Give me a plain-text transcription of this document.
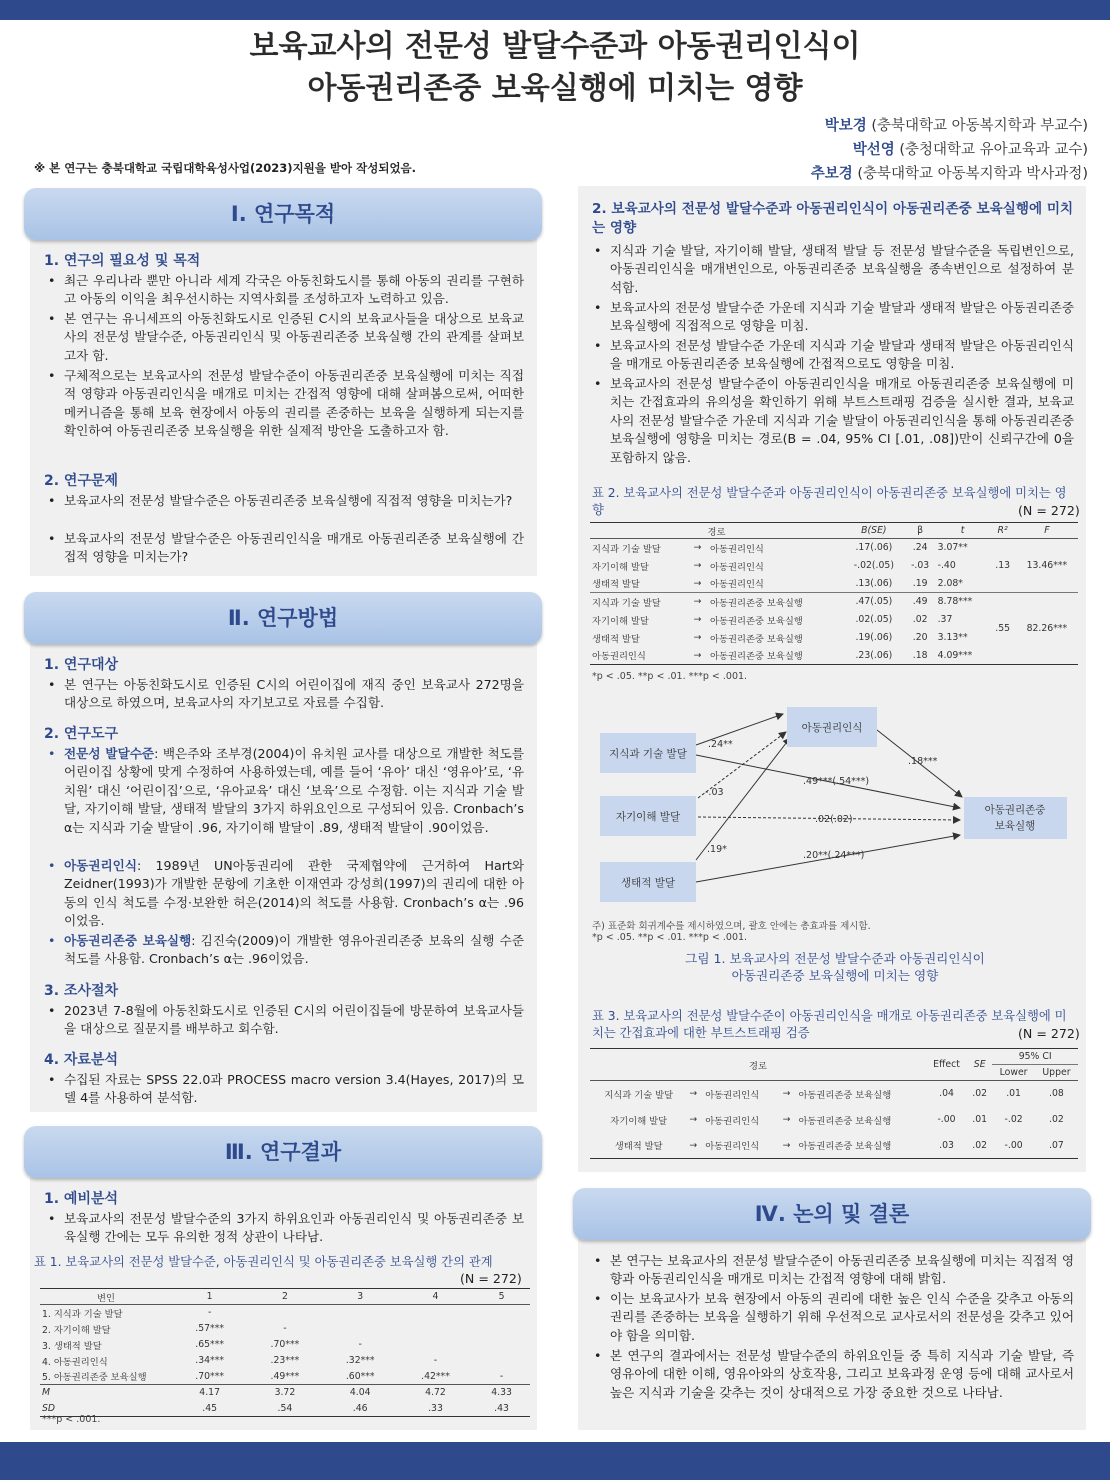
보육교사의 전문성 발달수준과 아동권리인식이
아동권리존중 보육실행에 미치는 영향
박보경 (충북대학교 아동복지학과 부교수)
박선영 (충청대학교 유아교육과 교수)
추보경 (충북대학교 아동복지학과 박사과정)
※ 본 연구는 충북대학교 국립대학육성사업(2023)지원을 받아 작성되었음.
Ⅰ. 연구목적
1. 연구의 필요성 및 목적
• 최근 우리나라 뿐만 아니라 세계 각국은 아동친화도시를 통해 아동의 권리를 구현하고 아동의 이익을 최우선시하는 지역사회를 조성하고자 노력하고 있음.
• 본 연구는 유니세프의 아동친화도시로 인증된 C시의 보육교사들을 대상으로 보육교사의 전문성 발달수준, 아동권리인식 및 아동권리존중 보육실행 간의 관계를 살펴보고자 함.
• 구체적으로는 보육교사의 전문성 발달수준이 아동권리존중 보육실행에 미치는 직접적 영향과 아동권리인식을 매개로 미치는 간접적 영향에 대해 살펴봄으로써, 어떠한 메커니즘을 통해 보육 현장에서 아동의 권리를 존중하는 보육을 실행하게 되는지를 확인하여 아동권리존중 보육실행을 위한 실제적 방안을 도출하고자 함.
2. 연구문제
• 보육교사의 전문성 발달수준은 아동권리존중 보육실행에 직접적 영향을 미치는가?
• 보육교사의 전문성 발달수준은 아동권리인식을 매개로 아동권리존중 보육실행에 간접적 영향을 미치는가?
Ⅱ. 연구방법
1. 연구대상
• 본 연구는 아동친화도시로 인증된 C시의 어린이집에 재직 중인 보육교사 272명을 대상으로 하였으며, 보육교사의 자기보고로 자료를 수집함.
2. 연구도구
• 전문성 발달수준: 백은주와 조부경(2004)이 유치원 교사를 대상으로 개발한 척도를 어린이집 상황에 맞게 수정하여 사용하였는데, 예를 들어 ‘유아’ 대신 ‘영유아’로, ‘유치원’ 대신 ‘어린이집’으로, ‘유아교육’ 대신 ‘보육’으로 수정함. 이는 지식과 기술 발달, 자기이해 발달, 생태적 발달의 3가지 하위요인으로 구성되어 있음. Cronbach’s α는 지식과 기술 발달이 .96, 자기이해 발달이 .89, 생태적 발달이 .90이었음.
• 아동권리인식: 1989년 UN아동권리에 관한 국제협약에 근거하여 Hart와 Zeidner(1993)가 개발한 문항에 기초한 이재연과 강성희(1997)의 권리에 대한 아동의 인식 척도를 수정·보완한 허은(2014)의 척도를 사용함. Cronbach’s α는 .96이었음.
• 아동권리존중 보육실행: 김진숙(2009)이 개발한 영유아권리존중 보육의 실행 수준 척도를 사용함. Cronbach’s α는 .96이었음.
3. 조사절차
• 2023년 7-8월에 아동친화도시로 인증된 C시의 어린이집들에 방문하여 보육교사들을 대상으로 질문지를 배부하고 회수함.
4. 자료분석
• 수집된 자료는 SPSS 22.0과 PROCESS macro version 3.4(Hayes, 2017)의 모델 4를 사용하여 분석함.
Ⅲ. 연구결과
1. 예비분석
• 보육교사의 전문성 발달수준의 3가지 하위요인과 아동권리인식 및 아동권리존중 보육실행 간에는 모두 유의한 정적 상관이 나타남.
표 1. 보육교사의 전문성 발달수준, 아동권리인식 및 아동권리존중 보육실행 간의 관계
(N = 272)
변인	1	2	3	4	5
1. 지식과 기술 발달	-				
2. 자기이해 발달	.57***	-			
3. 생태적 발달	.65***	.70***	-		
4. 아동권리인식	.34***	.23***	.32***	-	
5. 아동권리존중 보육실행	.70***	.49***	.60***	.42***	-
M	4.17	3.72	4.04	4.72	4.33
SD	.45	.54	.46	.33	.43
***p < .001.
2. 보육교사의 전문성 발달수준과 아동권리인식이 아동권리존중 보육실행에 미치는 영향
• 지식과 기술 발달, 자기이해 발달, 생태적 발달 등 전문성 발달수준을 독립변인으로, 아동권리인식을 매개변인으로, 아동권리존중 보육실행을 종속변인으로 설정하여 분석함.
• 보육교사의 전문성 발달수준 가운데 지식과 기술 발달과 생태적 발달은 아동권리존중 보육실행에 직접적으로 영향을 미침.
• 보육교사의 전문성 발달수준 가운데 지식과 기술 발달과 생태적 발달은 아동권리인식을 매개로 아동권리존중 보육실행에 간접적으로도 영향을 미침.
• 보육교사의 전문성 발달수준이 아동권리인식을 매개로 아동권리존중 보육실행에 미치는 간접효과의 유의성을 확인하기 위해 부트스트래핑 검증을 실시한 결과, 보육교사의 전문성 발달수준 가운데 지식과 기술 발달이 아동권리인식을 통해 아동권리존중 보육실행에 영향을 미치는 경로(B = .04, 95% CI [.01, .08])만이 신뢰구간에 0을 포함하지 않음.
표 2. 보육교사의 전문성 발달수준과 아동권리인식이 아동권리존중 보육실행에 미치는 영향	(N = 272)
경로			B(SE)	β	t	R²	F
지식과 기술 발달	→	아동권리인식	.17(.06)	.24	3.07**	.13	13.46***
자기이해 발달	→	아동권리인식	-.02(.05)	-.03	-.40		
생태적 발달	→	아동권리인식	.13(.06)	.19	2.08*		
지식과 기술 발달	→	아동권리존중 보육실행	.47(.05)	.49	8.78***	.55	82.26***
자기이해 발달	→	아동권리존중 보육실행	.02(.05)	.02	.37		
생태적 발달	→	아동권리존중 보육실행	.19(.06)	.20	3.13**		
아동권리인식	→	아동권리존중 보육실행	.23(.06)	.18	4.09***		
*p < .05. **p < .01. ***p < .001.
지식과 기술 발달
자기이해 발달
생태적 발달
아동권리인식
아동권리존중
보육실행
.24**
-.03
.19*
.18***
.49***(.54***)
.02(.02)
.20**(.24***)
주) 표준화 회귀계수를 제시하였으며, 괄호 안에는 총효과를 제시함.
*p < .05. **p < .01. ***p < .001.
그림 1. 보육교사의 전문성 발달수준과 아동권리인식이
아동권리존중 보육실행에 미치는 영향
표 3. 보육교사의 전문성 발달수준이 아동권리인식을 매개로 아동권리존중 보육실행에 미치는 간접효과에 대한 부트스트래핑 검증	(N = 272)
경로					Effect	SE	95% CI	
							Lower	Upper
지식과 기술 발달	→	아동권리인식	→	아동권리존중 보육실행	.04	.02	.01	.08
자기이해 발달	→	아동권리인식	→	아동권리존중 보육실행	-.00	.01	-.02	.02
생태적 발달	→	아동권리인식	→	아동권리존중 보육실행	.03	.02	-.00	.07
Ⅳ. 논의 및 결론
• 본 연구는 보육교사의 전문성 발달수준이 아동권리존중 보육실행에 미치는 직접적 영향과 아동권리인식을 매개로 미치는 간접적 영향에 대해 밝힘.
• 이는 보육교사가 보육 현장에서 아동의 권리에 대한 높은 인식 수준을 갖추고 아동의 권리를 존중하는 보육을 실행하기 위해 우선적으로 교사로서의 전문성을 갖추고 있어야 함을 의미함.
• 본 연구의 결과에서는 전문성 발달수준의 하위요인들 중 특히 지식과 기술 발달, 즉 영유아에 대한 이해, 영유아와의 상호작용, 그리고 보육과정 운영 등에 대해 교사로서 높은 지식과 기술을 갖추는 것이 상대적으로 가장 중요한 것으로 나타남.
